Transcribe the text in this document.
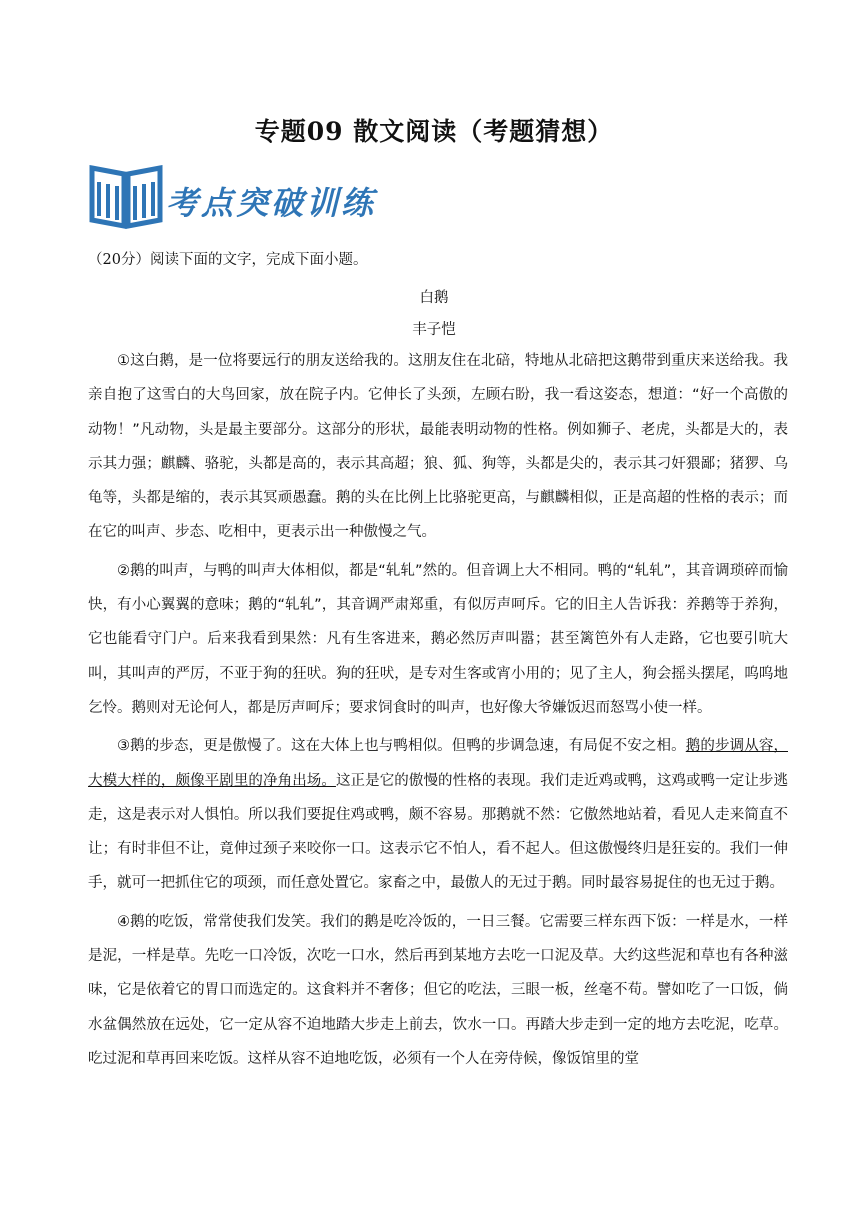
专题09 散文阅读（考题猜想）
考点突破训练
（20分）阅读下面的文字，完成下面小题。
白鹅
丰子恺

①这白鹅，是一位将要远行的朋友送给我的。这朋友住在北碚，特地从北碚把这鹅带到重庆来送给我。我亲自抱了这雪白的大鸟回家，放在院子内。它伸长了头颈，左顾右盼，我一看这姿态，想道：“好一个高傲的动物！”凡动物，头是最主要部分。这部分的形状，最能表明动物的性格。例如狮子、老虎，头都是大的，表示其力强；麒麟、骆驼，头都是高的，表示其高超；狼、狐、狗等，头都是尖的，表示其刁奸猥鄙；猪猡、乌龟等，头都是缩的，表示其冥顽愚蠢。鹅的头在比例上比骆驼更高，与麒麟相似，正是高超的性格的表示；而在它的叫声、步态、吃相中，更表示出一种傲慢之气。

②鹅的叫声，与鸭的叫声大体相似，都是“轧轧”然的。但音调上大不相同。鸭的“轧轧”，其音调琐碎而愉快，有小心翼翼的意味；鹅的“轧轧”，其音调严肃郑重，有似厉声呵斥。它的旧主人告诉我：养鹅等于养狗，它也能看守门户。后来我看到果然：凡有生客进来，鹅必然厉声叫嚣；甚至篱笆外有人走路，它也要引吭大叫，其叫声的严厉，不亚于狗的狂吠。狗的狂吠，是专对生客或宵小用的；见了主人，狗会摇头摆尾，呜呜地乞怜。鹅则对无论何人，都是厉声呵斥；要求饲食时的叫声，也好像大爷嫌饭迟而怒骂小使一样。

③鹅的步态，更是傲慢了。这在大体上也与鸭相似。但鸭的步调急速，有局促不安之相。鹅的步调从容，大模大样的，颇像平剧里的净角出场。这正是它的傲慢的性格的表现。我们走近鸡或鸭，这鸡或鸭一定让步逃走，这是表示对人惧怕。所以我们要捉住鸡或鸭，颇不容易。那鹅就不然：它傲然地站着，看见人走来简直不让；有时非但不让，竟伸过颈子来咬你一口。这表示它不怕人，看不起人。但这傲慢终归是狂妄的。我们一伸手，就可一把抓住它的项颈，而任意处置它。家畜之中，最傲人的无过于鹅。同时最容易捉住的也无过于鹅。

④鹅的吃饭，常常使我们发笑。我们的鹅是吃冷饭的，一日三餐。它需要三样东西下饭：一样是水，一样是泥，一样是草。先吃一口冷饭，次吃一口水，然后再到某地方去吃一口泥及草。大约这些泥和草也有各种滋味，它是依着它的胃口而选定的。这食料并不奢侈；但它的吃法，三眼一板，丝毫不苟。譬如吃了一口饭，倘水盆偶然放在远处，它一定从容不迫地踏大步走上前去，饮水一口。再踏大步走到一定的地方去吃泥，吃草。吃过泥和草再回来吃饭。这样从容不迫地吃饭，必须有一个人在旁侍候，像饭馆里的堂
